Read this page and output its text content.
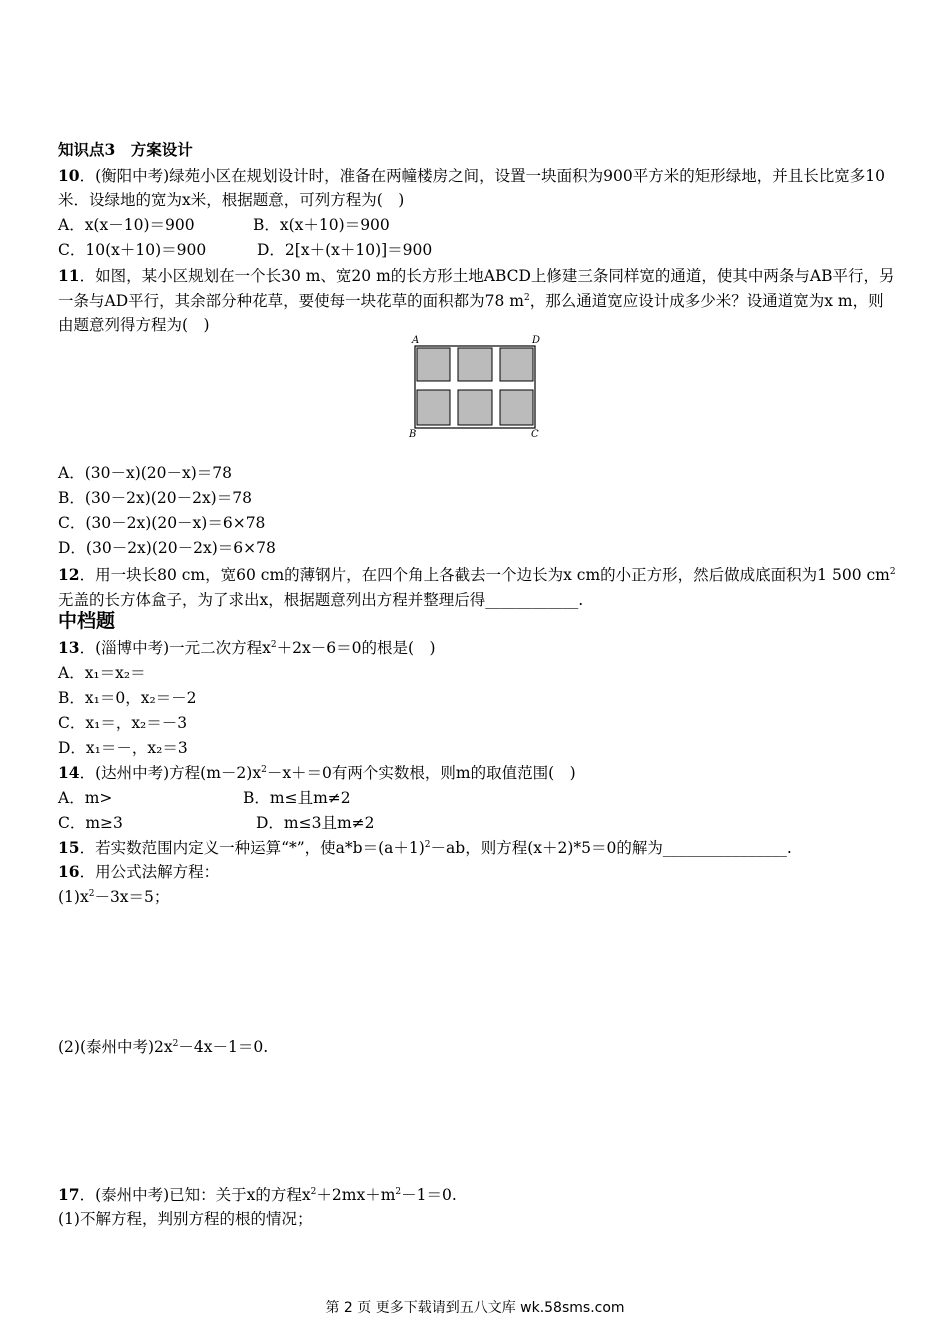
知识点3　方案设计
10．(衡阳中考)绿苑小区在规划设计时，准备在两幢楼房之间，设置一块面积为900平方米的矩形绿地，并且长比宽多10米．设绿地的宽为x米，根据题意，可列方程为(　)
A．x(x－10)＝900	B．x(x＋10)＝900
C．10(x＋10)＝900	D．2[x＋(x＋10)]＝900
11．如图，某小区规划在一个长30 m、宽20 m的长方形土地ABCD上修建三条同样宽的通道，使其中两条与AB平行，另一条与AD平行，其余部分种花草，要使每一块花草的面积都为78 $m^2$，那么通道宽应设计成多少米？设通道宽为x m，则由题意列得方程为(　)
A	D
B	C
A．(30－x)(20－x)＝78
B．(30－2x)(20－2x)＝78
C．(30－2x)(20－x)＝6×78
D．(30－2x)(20－2x)＝6×78
12．用一块长80 cm，宽60 cm的薄钢片，在四个角上各截去一个边长为x cm的小正方形，然后做成底面积为1 500 $cm^2$无盖的长方体盒子，为了求出x，根据题意列出方程并整理后得____________.
中档题
13．(淄博中考)一元二次方程$x^2+2x-6=0$的根是(　)
A．x₁＝x₂＝
B．x₁＝0，x₂＝－2
C．x₁＝，x₂＝－3
D．x₁＝－，x₂＝3
14．(达州中考)方程$(m-2)x^2-x+=0$有两个实数根，则m的取值范围(　)
A．m>	B．m≤且m≠2
C．m≥3	D．m≤3且m≠2
15．若实数范围内定义一种运算“*”，使$a*b=(a+1)^2-ab$，则方程(x＋2)*5＝0的解为________________.
16．用公式法解方程：
$(1)x^2-3x=5$；
(2)(泰州中考)$2x^2-4x-1=0$.
17．(泰州中考)已知：关于x的方程$x^2+2mx+m^2-1=0$.
(1)不解方程，判别方程的根的情况；
第 2 页 更多下载请到五八文库 wk.58sms.com
